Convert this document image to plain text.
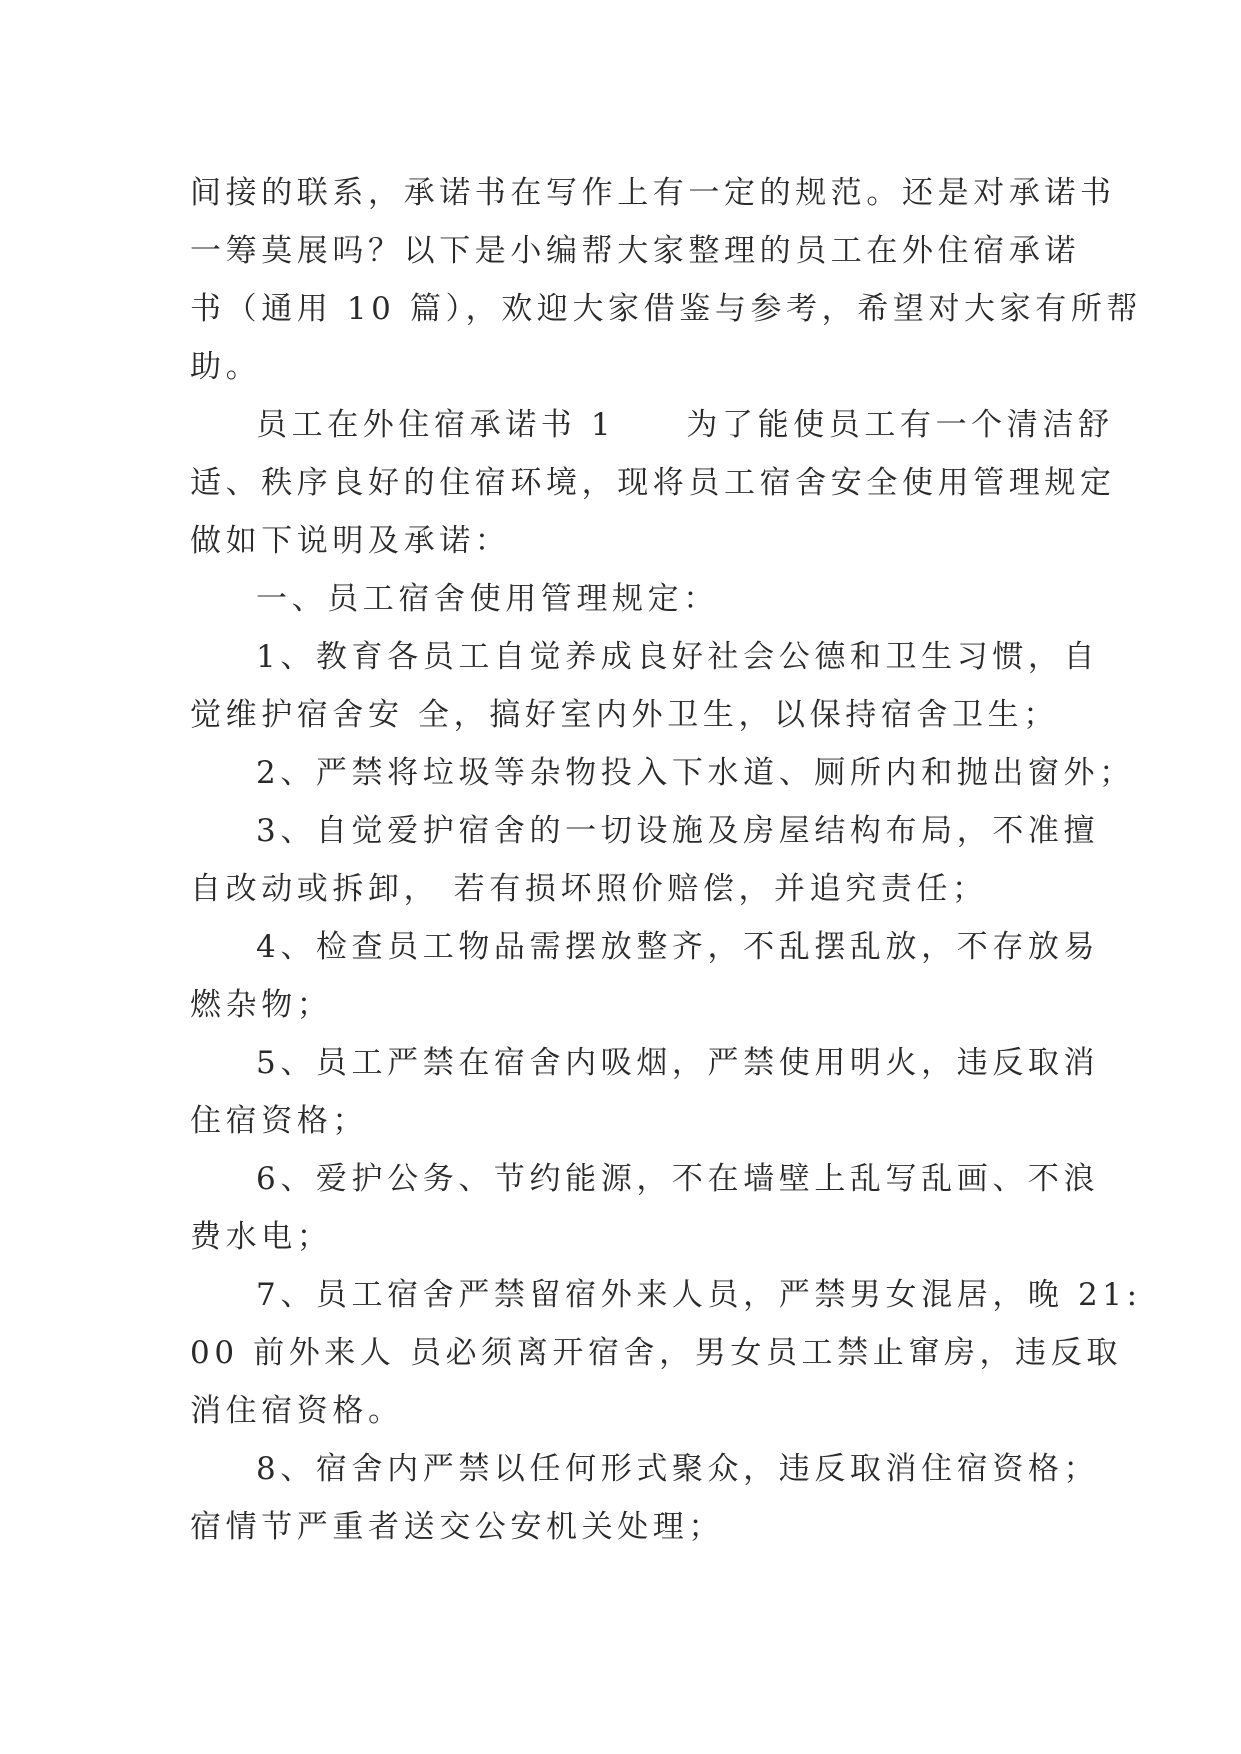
间接的联系，承诺书在写作上有一定的规范。还是对承诺书
一筹莫展吗？以下是小编帮大家整理的员工在外住宿承诺
书（通用 10 篇），欢迎大家借鉴与参考，希望对大家有所帮
助。
员工在外住宿承诺书 1　　为了能使员工有一个清洁舒
适、秩序良好的住宿环境，现将员工宿舍安全使用管理规定
做如下说明及承诺：
一、员工宿舍使用管理规定：
1、教育各员工自觉养成良好社会公德和卫生习惯，自
觉维护宿舍安 全，搞好室内外卫生，以保持宿舍卫生；
2、严禁将垃圾等杂物投入下水道、厕所内和抛出窗外；
3、自觉爱护宿舍的一切设施及房屋结构布局，不准擅
自改动或拆卸， 若有损坏照价赔偿，并追究责任；
4、检查员工物品需摆放整齐，不乱摆乱放，不存放易
燃杂物；
5、员工严禁在宿舍内吸烟，严禁使用明火，违反取消
住宿资格；
6、爱护公务、节约能源，不在墙壁上乱写乱画、不浪
费水电；
7、员工宿舍严禁留宿外来人员，严禁男女混居，晚 21:
00 前外来人 员必须离开宿舍，男女员工禁止窜房，违反取
消住宿资格。
8、宿舍内严禁以任何形式聚众，违反取消住宿资格；
宿情节严重者送交公安机关处理；
